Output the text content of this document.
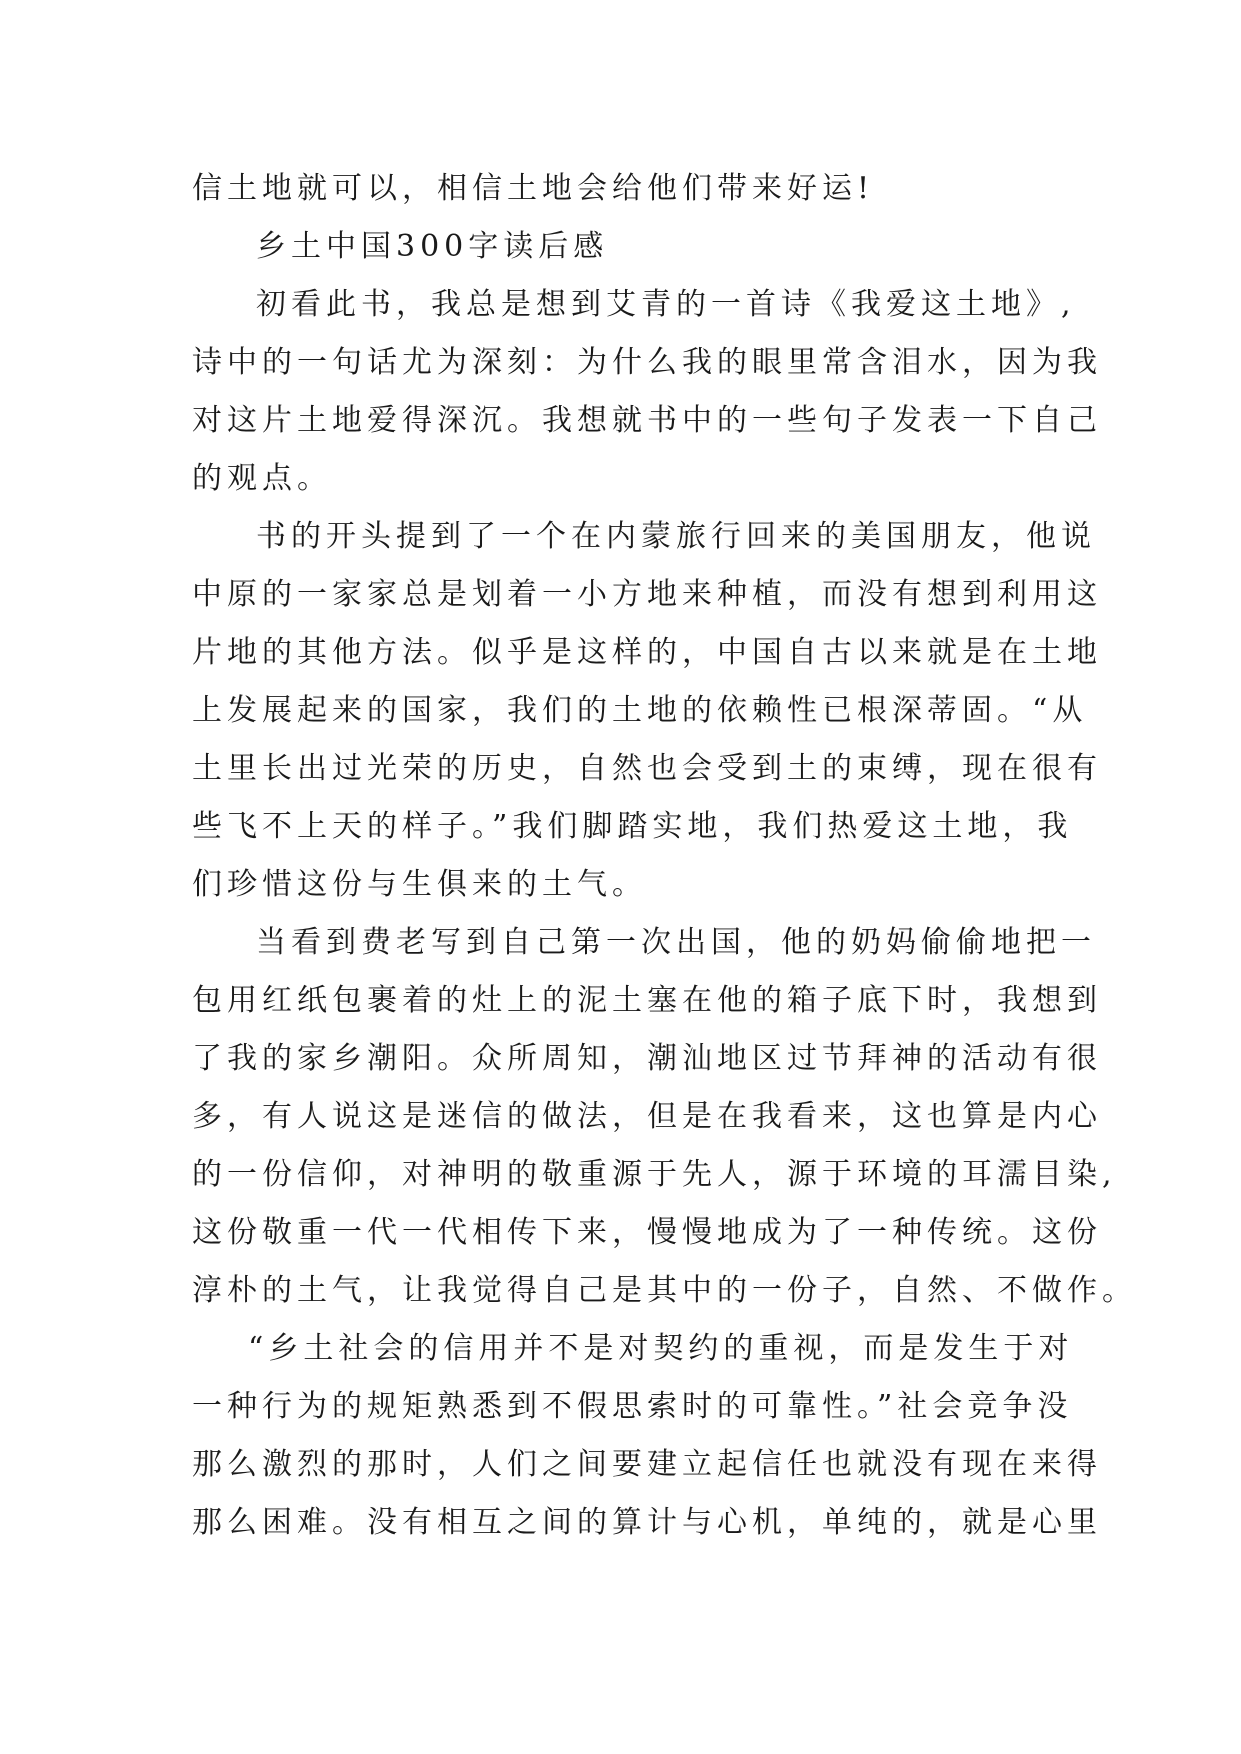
信土地就可以，相信土地会给他们带来好运!
乡土中国300字读后感
初看此书，我总是想到艾青的一首诗《我爱这土地》,
诗中的一句话尤为深刻：为什么我的眼里常含泪水，因为我
对这片土地爱得深沉。我想就书中的一些句子发表一下自己
的观点。
书的开头提到了一个在内蒙旅行回来的美国朋友，他说
中原的一家家总是划着一小方地来种植，而没有想到利用这
片地的其他方法。似乎是这样的，中国自古以来就是在土地
上发展起来的国家，我们的土地的依赖性已根深蒂固。“从
土里长出过光荣的历史，自然也会受到土的束缚，现在很有
些飞不上天的样子。”我们脚踏实地，我们热爱这土地，我
们珍惜这份与生俱来的土气。
当看到费老写到自己第一次出国，他的奶妈偷偷地把一
包用红纸包裹着的灶上的泥土塞在他的箱子底下时，我想到
了我的家乡潮阳。众所周知，潮汕地区过节拜神的活动有很
多，有人说这是迷信的做法，但是在我看来，这也算是内心
的一份信仰，对神明的敬重源于先人，源于环境的耳濡目染,
这份敬重一代一代相传下来，慢慢地成为了一种传统。这份
淳朴的土气，让我觉得自己是其中的一份子，自然、不做作。
“乡土社会的信用并不是对契约的重视，而是发生于对
一种行为的规矩熟悉到不假思索时的可靠性。”社会竞争没
那么激烈的那时，人们之间要建立起信任也就没有现在来得
那么困难。没有相互之间的算计与心机，单纯的，就是心里
